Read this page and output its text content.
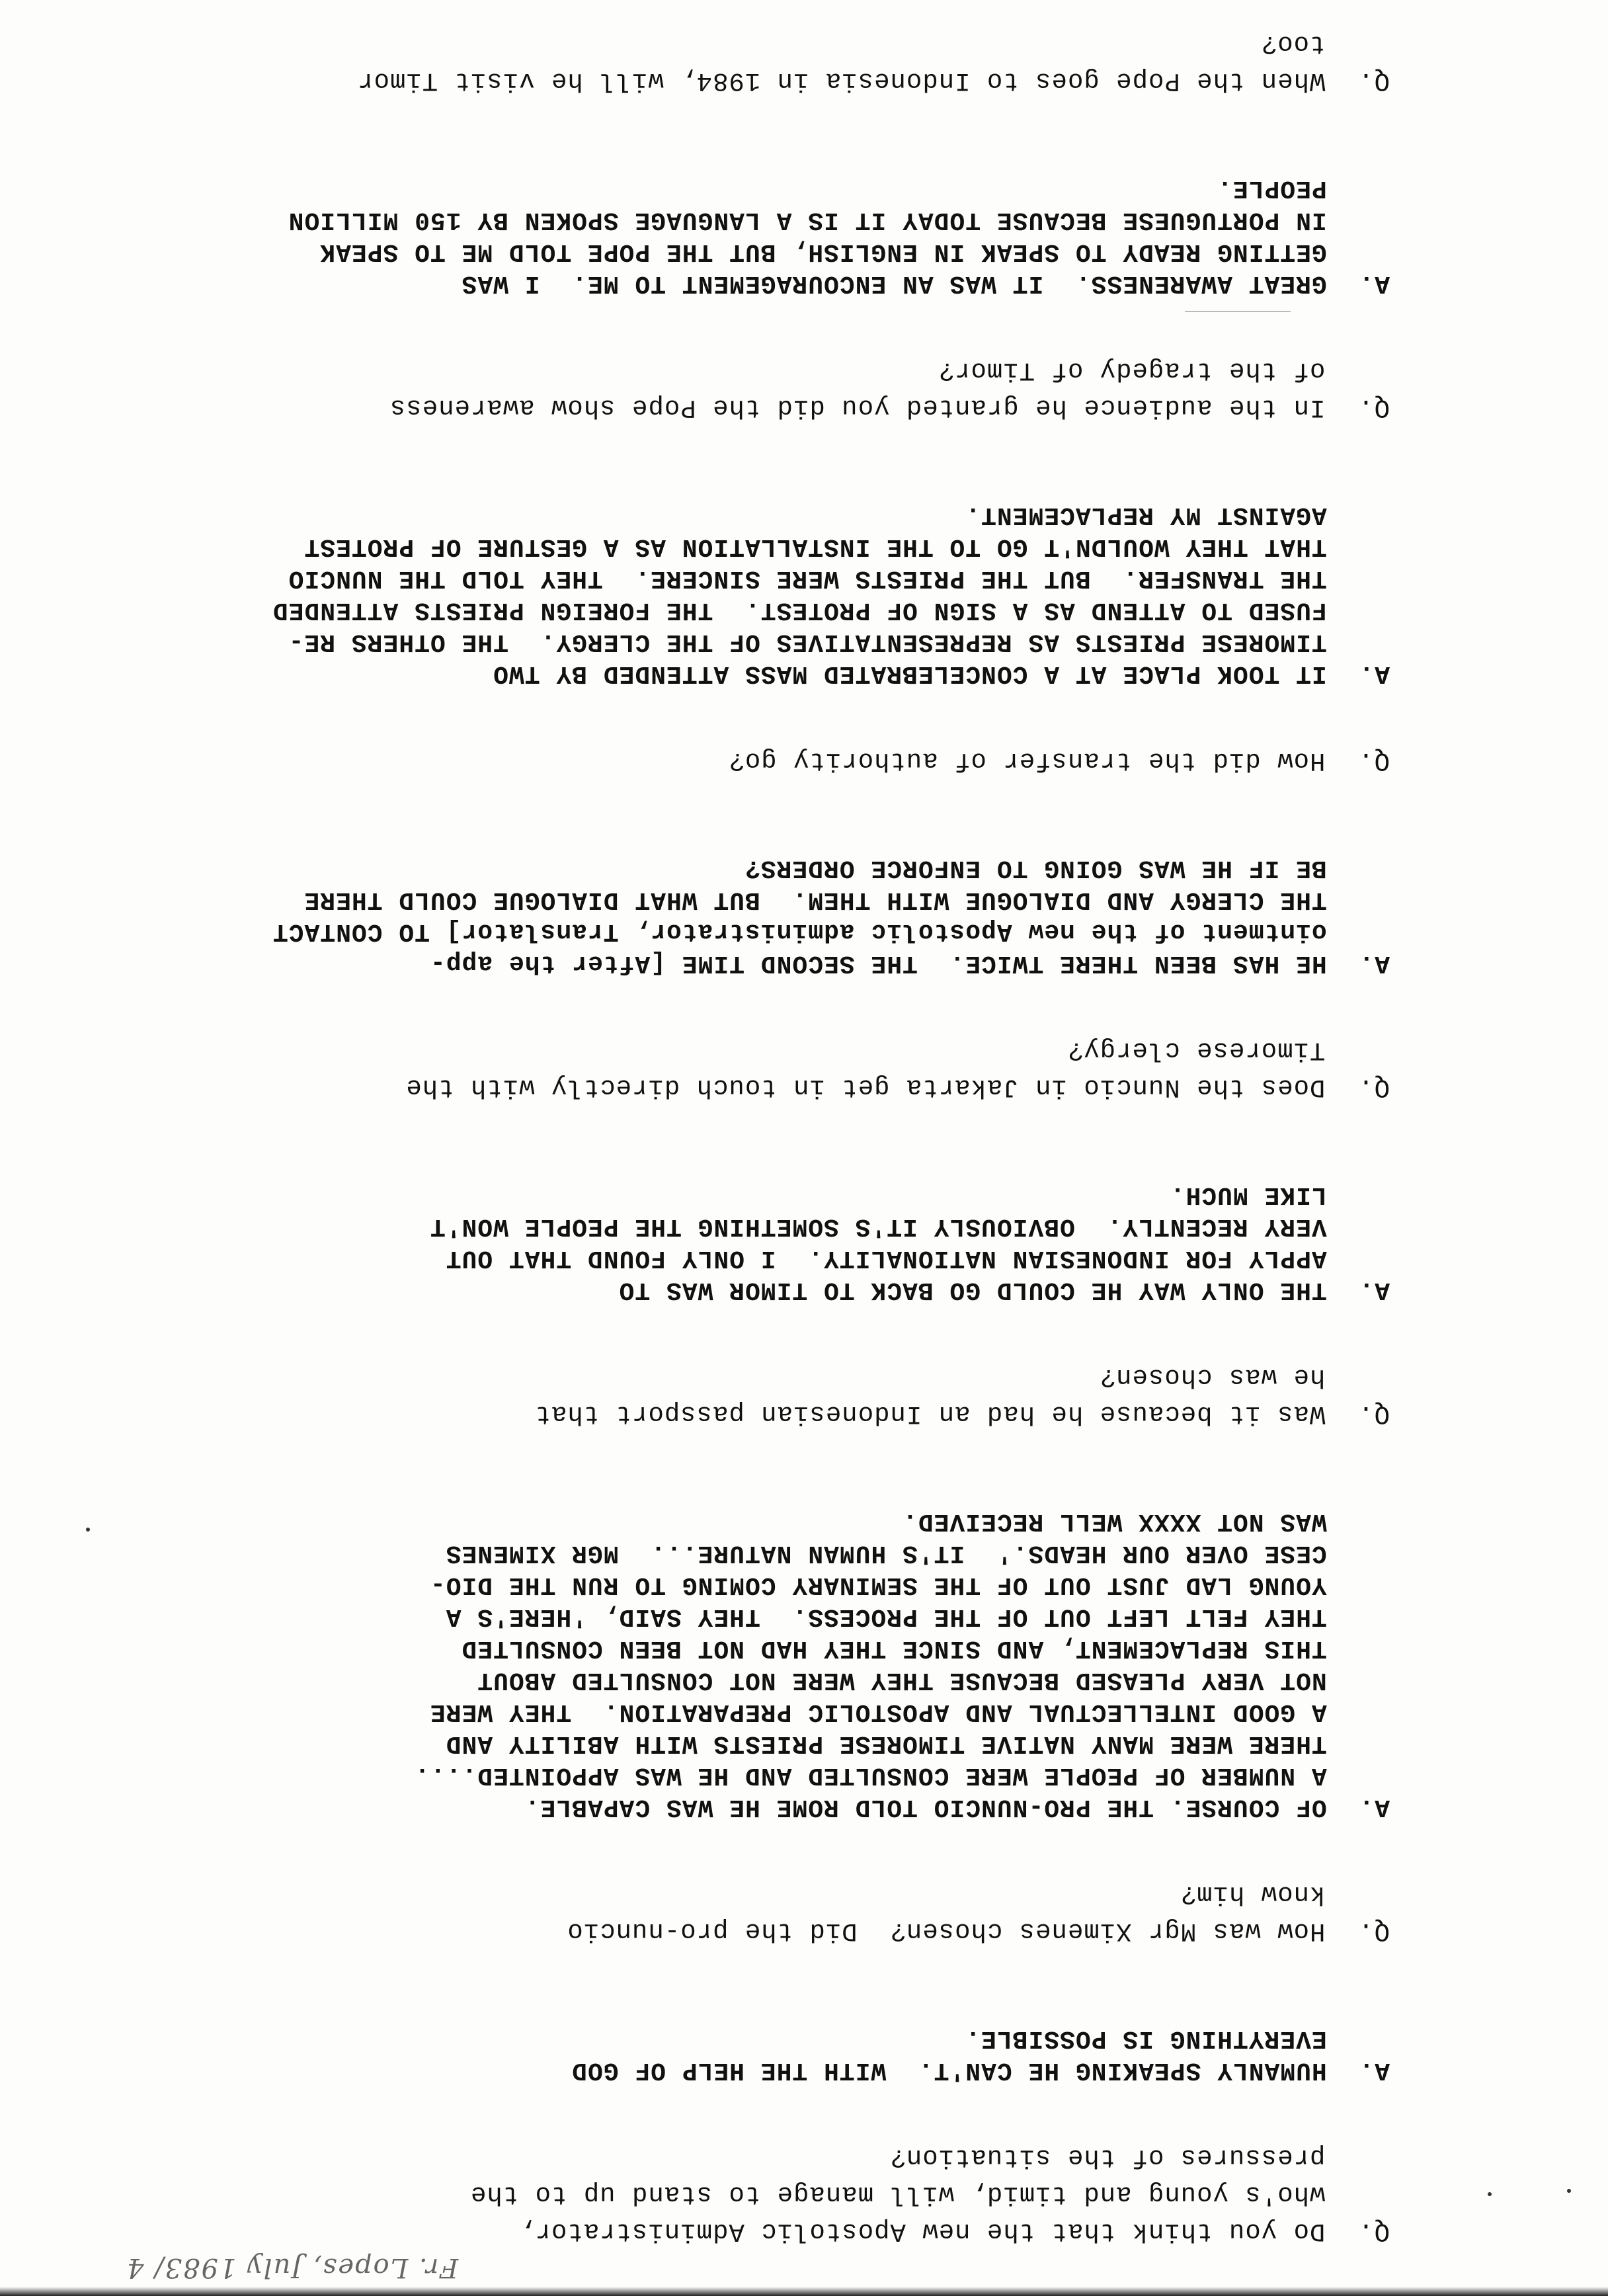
Fr. Lopes, July 1983/ 4

Q.  Do you think that the new Apostolic Administrator,
who's young and timid, will manage to stand up to the
pressures of the situation?

A.  HUMANLY SPEAKING HE CAN'T.  WITH THE HELP OF GOD
EVERYTHING IS POSSIBLE.

Q.  How was Mgr Ximenes chosen?  Did the pro-nuncio
know him?

A.  OF COURSE. THE PRO-NUNCIO TOLD ROME HE WAS CAPABLE.
A NUMBER OF PEOPLE WERE CONSULTED AND HE WAS APPOINTED....
THERE WERE MANY NATIVE TIMORESE PRIESTS WITH ABILITY AND
A GOOD INTELLECTUAL AND APOSTOLIC PREPARATION.  THEY WERE
NOT VERY PLEASED BECAUSE THEY WERE NOT CONSULTED ABOUT
THIS REPLACEMENT, AND SINCE THEY HAD NOT BEEN CONSULTED
THEY FELT LEFT OUT OF THE PROCESS.  THEY SAID, 'HERE'S A
YOUNG LAD JUST OUT OF THE SEMINARY COMING TO RUN THE DIO-
CESE OVER OUR HEADS.'  IT'S HUMAN NATURE...  MGR XIMENES
WAS NOT XXXX WELL RECEIVED.

Q.  Was it because he had an Indonesian passport that
he was chosen?

A.  THE ONLY WAY HE COULD GO BACK TO TIMOR WAS TO
APPLY FOR INDONESIAN NATIONALITY.  I ONLY FOUND THAT OUT
VERY RECENTLY.  OBVIOUSLY IT'S SOMETHING THE PEOPLE WON'T
LIKE MUCH.

Q.  Does the Nuncio in Jakarta get in touch directly with the
Timorese clergy?

A.  HE HAS BEEN THERE TWICE.  THE SECOND TIME [After the app-
ointment of the new Apostolic administrator, Translator] TO CONTACT
THE CLERGY AND DIALOGUE WITH THEM.  BUT WHAT DIALOGUE COULD THERE
BE IF HE WAS GOING TO ENFORCE ORDERS?

Q.  How did the transfer of authority go?

A.  IT TOOK PLACE AT A CONCELEBRATED MASS ATTENDED BY TWO
TIMORESE PRIESTS AS REPRESENTATIVES OF THE CLERGY.  THE OTHERS RE-
FUSED TO ATTEND AS A SIGN OF PROTEST.  THE FOREIGN PRIESTS ATTENDED
THE TRANSFER.  BUT THE PRIESTS WERE SINCERE.  THEY TOLD THE NUNCIO
THAT THEY WOULDN'T GO TO THE INSTALLATION AS A GESTURE OF PROTEST
AGAINST MY REPLACEMENT.

Q.  In the audience he granted you did the Pope show awareness
of the tragedy of Timor?

A.  GREAT AWARENESS.  IT WAS AN ENCOURAGEMENT TO ME.  I WAS
GETTING READY TO SPEAK IN ENGLISH, BUT THE POPE TOLD ME TO SPEAK
IN PORTUGUESE BECAUSE TODAY IT IS A LANGUAGE SPOKEN BY 150 MILLION
PEOPLE.

Q.  When the Pope goes to Indonesia in 1984, will he visit Timor
too?
